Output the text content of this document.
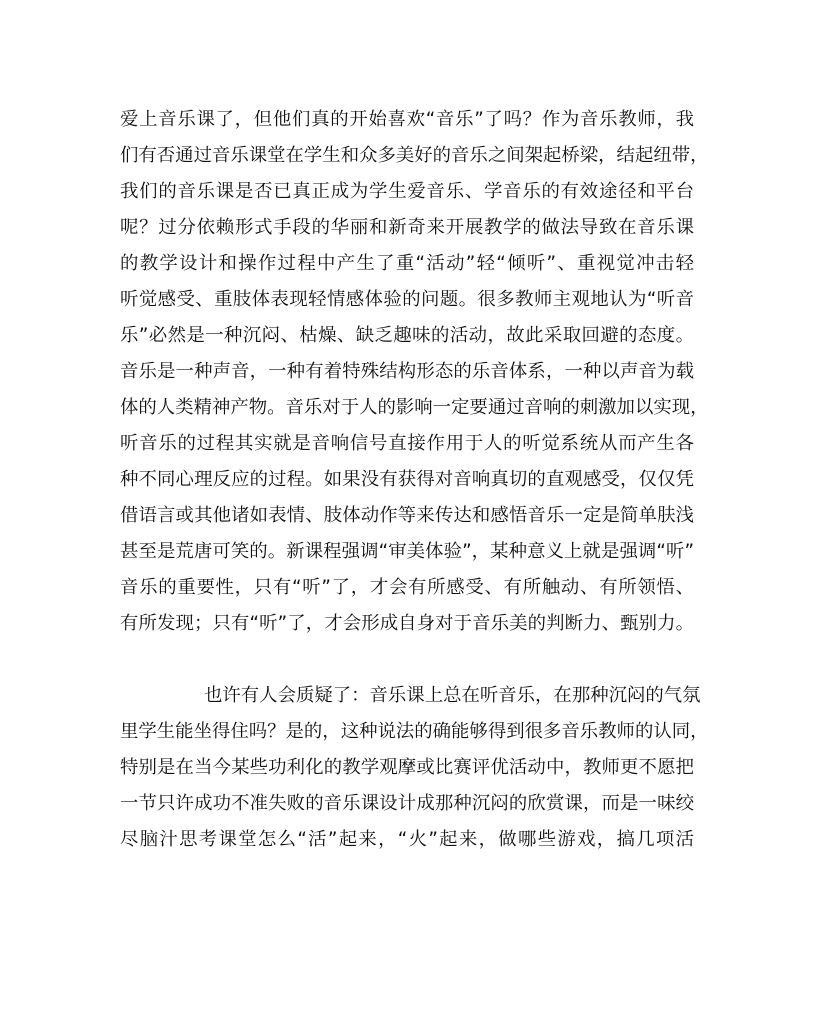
爱上音乐课了，但他们真的开始喜欢“音乐”了吗？作为音乐教师，我
们有否通过音乐课堂在学生和众多美好的音乐之间架起桥梁，结起纽带，
我们的音乐课是否已真正成为学生爱音乐、学音乐的有效途径和平台
呢？过分依赖形式手段的华丽和新奇来开展教学的做法导致在音乐课
的教学设计和操作过程中产生了重“活动”轻“倾听”、重视觉冲击轻
听觉感受、重肢体表现轻情感体验的问题。很多教师主观地认为“听音
乐”必然是一种沉闷、枯燥、缺乏趣味的活动，故此采取回避的态度。
音乐是一种声音，一种有着特殊结构形态的乐音体系，一种以声音为载
体的人类精神产物。音乐对于人的影响一定要通过音响的刺激加以实现，
听音乐的过程其实就是音响信号直接作用于人的听觉系统从而产生各
种不同心理反应的过程。如果没有获得对音响真切的直观感受，仅仅凭
借语言或其他诸如表情、肢体动作等来传达和感悟音乐一定是简单肤浅
甚至是荒唐可笑的。新课程强调“审美体验”，某种意义上就是强调“听”
音乐的重要性，只有“听”了，才会有所感受、有所触动、有所领悟、
有所发现；只有“听”了，才会形成自身对于音乐美的判断力、甄别力。
也许有人会质疑了：音乐课上总在听音乐，在那种沉闷的气氛
里学生能坐得住吗？是的，这种说法的确能够得到很多音乐教师的认同，
特别是在当今某些功利化的教学观摩或比赛评优活动中，教师更不愿把
一节只许成功不准失败的音乐课设计成那种沉闷的欣赏课，而是一味绞
尽脑汁思考课堂怎么“活”起来，“火”起来，做哪些游戏，搞几项活
